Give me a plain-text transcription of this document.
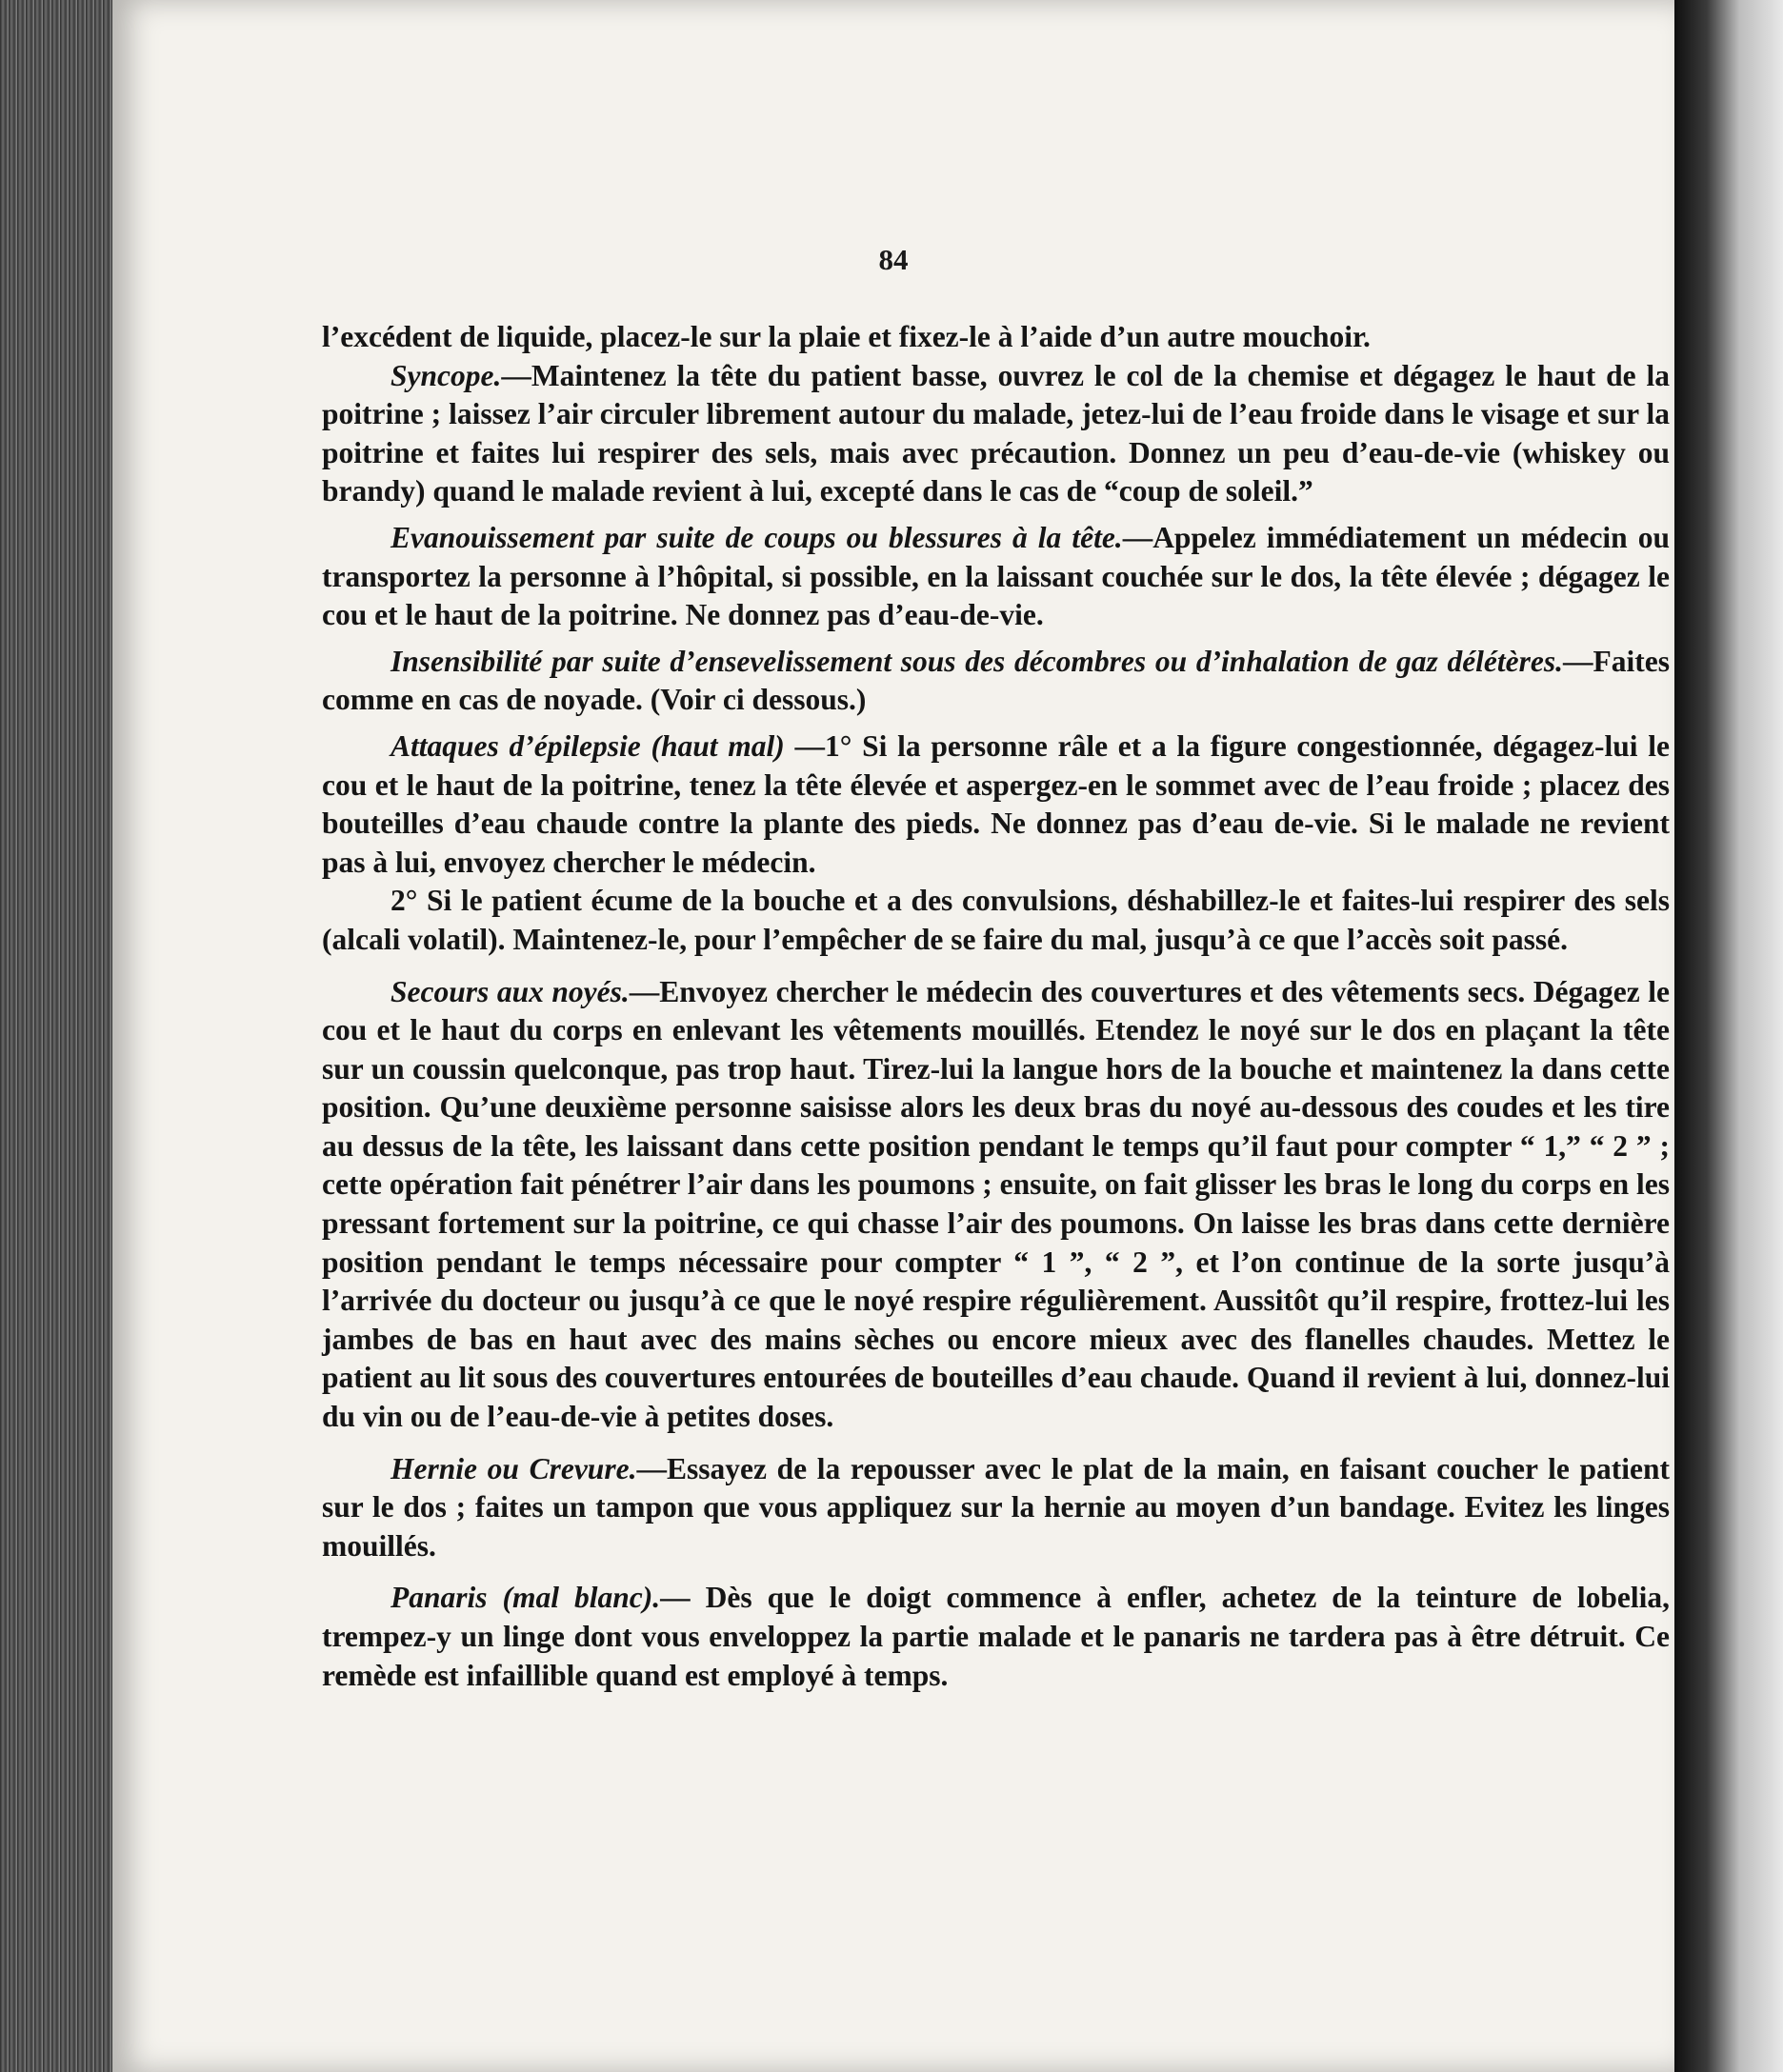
84

l’excédent de liquide, placez-le sur la plaie et fixez-le à l’aide d’un autre mouchoir.

Syncope.—Maintenez la tête du patient basse, ouvrez le col de la chemise et dégagez le haut de la poitrine ; laissez l’air circuler librement autour du malade, jetez-lui de l’eau froide dans le visage et sur la poitrine et faites lui respirer des sels, mais avec précaution. Donnez un peu d’eau-de-vie (whiskey ou brandy) quand le malade revient à lui, excepté dans le cas de “coup de soleil.”

Evanouissement par suite de coups ou blessures à la tête.—Appelez immédiatement un médecin ou transportez la personne à l’hôpital, si possible, en la laissant couchée sur le dos, la tête élevée ; dégagez le cou et le haut de la poitrine. Ne donnez pas d’eau-de-vie.

Insensibilité par suite d’ensevelissement sous des décombres ou d’inhalation de gaz délétères.—Faites comme en cas de noyade. (Voir ci dessous.)

Attaques d’épilepsie (haut mal) —1° Si la personne râle et a la figure congestionnée, dégagez-lui le cou et le haut de la poitrine, tenez la tête élevée et aspergez-en le sommet avec de l’eau froide ; placez des bouteilles d’eau chaude contre la plante des pieds. Ne donnez pas d’eau de-vie. Si le malade ne revient pas à lui, envoyez chercher le médecin.

2° Si le patient écume de la bouche et a des convulsions, déshabillez-le et faites-lui respirer des sels (alcali volatil). Maintenez-le, pour l’empêcher de se faire du mal, jusqu’à ce que l’accès soit passé.

Secours aux noyés.—Envoyez chercher le médecin des couvertures et des vêtements secs. Dégagez le cou et le haut du corps en enlevant les vêtements mouillés. Etendez le noyé sur le dos en plaçant la tête sur un coussin quelconque, pas trop haut. Tirez-lui la langue hors de la bouche et maintenez la dans cette position. Qu’une deuxième personne saisisse alors les deux bras du noyé au-dessous des coudes et les tire au dessus de la tête, les laissant dans cette position pendant le temps qu’il faut pour compter “ 1,” “ 2 ” ; cette opération fait pénétrer l’air dans les poumons ; ensuite, on fait glisser les bras le long du corps en les pressant fortement sur la poitrine, ce qui chasse l’air des poumons. On laisse les bras dans cette dernière position pendant le temps nécessaire pour compter “ 1 ”, “ 2 ”, et l’on continue de la sorte jusqu’à l’arrivée du docteur ou jusqu’à ce que le noyé respire régulièrement. Aussitôt qu’il respire, frottez-lui les jambes de bas en haut avec des mains sèches ou encore mieux avec des flanelles chaudes. Mettez le patient au lit sous des couvertures entourées de bouteilles d’eau chaude. Quand il revient à lui, donnez-lui du vin ou de l’eau-de-vie à petites doses.

Hernie ou Crevure.—Essayez de la repousser avec le plat de la main, en faisant coucher le patient sur le dos ; faites un tampon que vous appliquez sur la hernie au moyen d’un bandage. Evitez les linges mouillés.

Panaris (mal blanc).— Dès que le doigt commence à enfler, achetez de la teinture de lobelia, trempez-y un linge dont vous enveloppez la partie malade et le panaris ne tardera pas à être détruit. Ce remède est infaillible quand est employé à temps.
